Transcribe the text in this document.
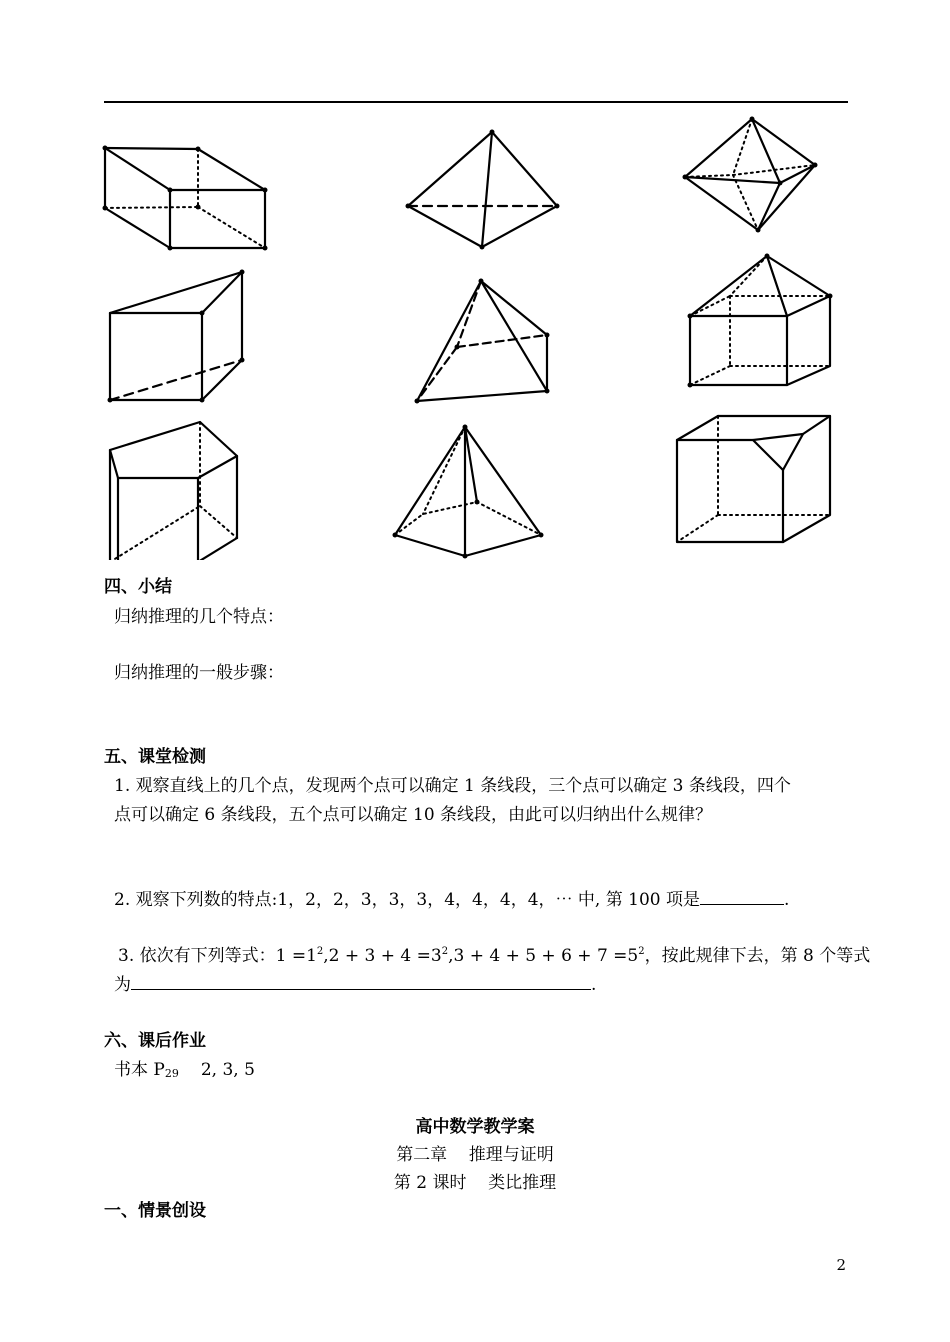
四、小结
归纳推理的几个特点：
归纳推理的一般步骤：
五、课堂检测
1. 观察直线上的几个点，发现两个点可以确定 1 条线段，三个点可以确定 3 条线段，四个
点可以确定 6 条线段，五个点可以确定 10 条线段，由此可以归纳出什么规律？
2. 观察下列数的特点:1，2，2，3，3，3，4，4，4，4，⋯ 中, 第 100 项是	.
3. 依次有下列等式：$1 =1^2,2 + 3 + 4 =3^2,3 + 4 + 5 + 6 + 7 =5^2$，按此规律下去，第 8 个等式
为	.
六、课后作业
书本 $P_{29}$ 2, 3, 5
高中数学教学案
第二章    推理与证明
第 2 课时    类比推理
一、情景创设
2
